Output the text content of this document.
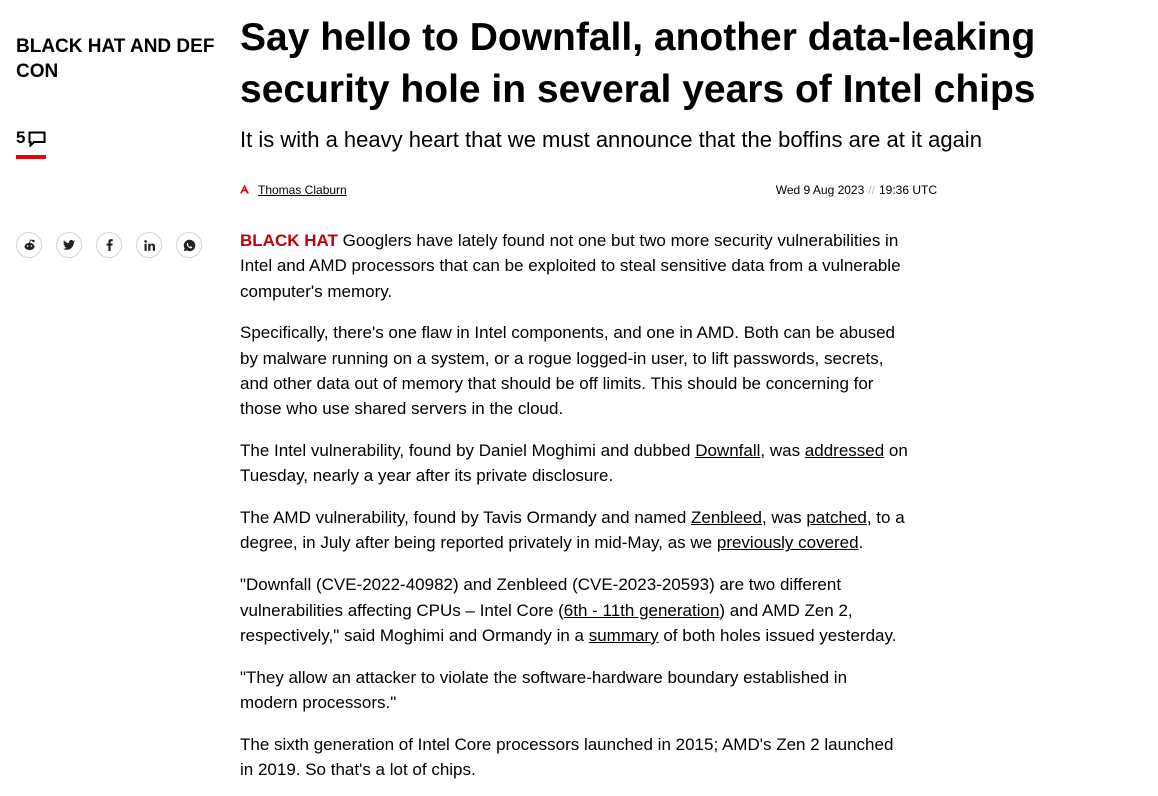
BLACK HAT AND DEF CON
5
Say hello to Downfall, another data-leaking security hole in several years of Intel chips
It is with a heavy heart that we must announce that the boffins are at it again
Thomas Claburn	Wed 9 Aug 2023 // 19:36 UTC

BLACK HAT Googlers have lately found not one but two more security vulnerabilities in Intel and AMD processors that can be exploited to steal sensitive data from a vulnerable computer's memory.

Specifically, there's one flaw in Intel components, and one in AMD. Both can be abused by malware running on a system, or a rogue logged-in user, to lift passwords, secrets, and other data out of memory that should be off limits. This should be concerning for those who use shared servers in the cloud.

The Intel vulnerability, found by Daniel Moghimi and dubbed Downfall, was addressed on Tuesday, nearly a year after its private disclosure.

The AMD vulnerability, found by Tavis Ormandy and named Zenbleed, was patched, to a degree, in July after being reported privately in mid-May, as we previously covered.

"Downfall (CVE-2022-40982) and Zenbleed (CVE-2023-20593) are two different vulnerabilities affecting CPUs – Intel Core (6th - 11th generation) and AMD Zen 2, respectively," said Moghimi and Ormandy in a summary of both holes issued yesterday.

"They allow an attacker to violate the software-hardware boundary established in modern processors."

The sixth generation of Intel Core processors launched in 2015; AMD's Zen 2 launched in 2019. So that's a lot of chips.
